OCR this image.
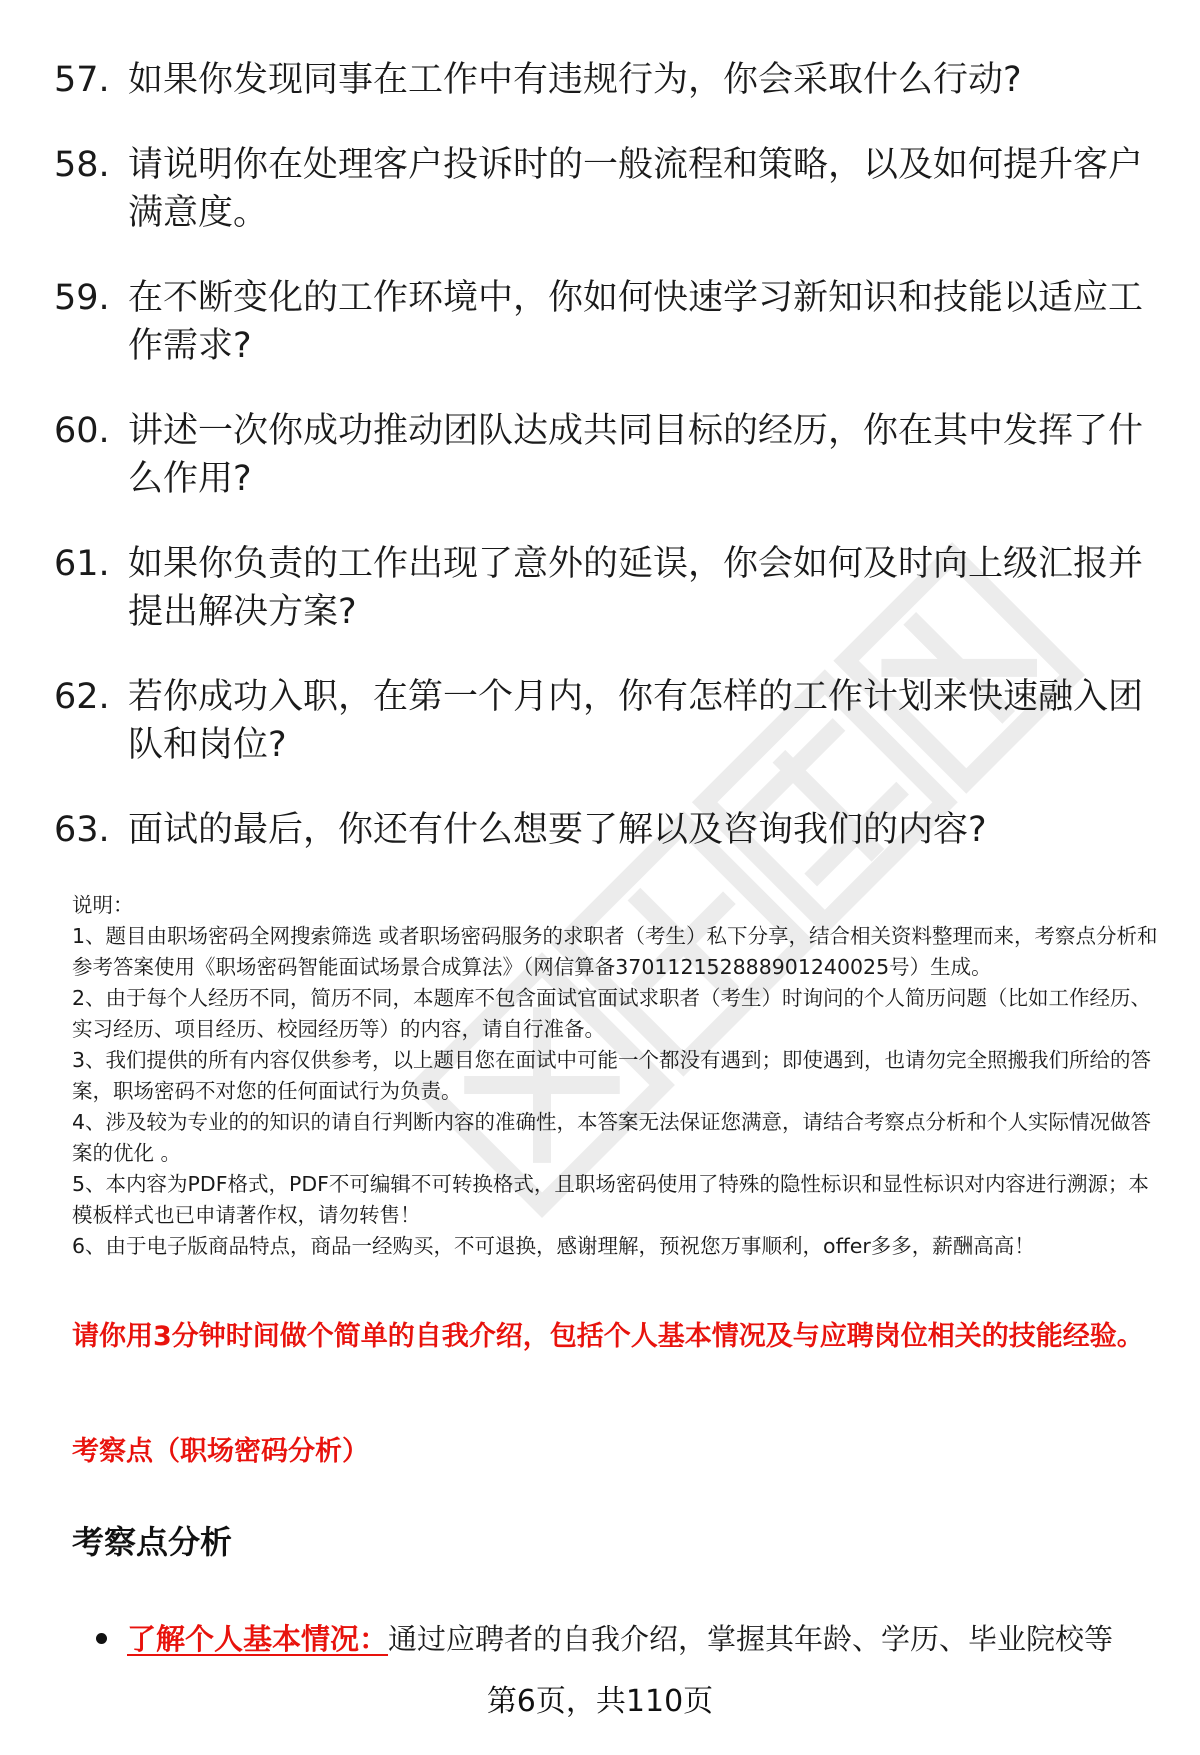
57. 如果你发现同事在工作中有违规行为，你会采取什么行动?
58. 请说明你在处理客户投诉时的一般流程和策略，以及如何提升客户满意度。
59. 在不断变化的工作环境中，你如何快速学习新知识和技能以适应工作需求?
60. 讲述一次你成功推动团队达成共同目标的经历，你在其中发挥了什么作用?
61. 如果你负责的工作出现了意外的延误，你会如何及时向上级汇报并提出解决方案?
62. 若你成功入职，在第一个月内，你有怎样的工作计划来快速融入团队和岗位?
63. 面试的最后，你还有什么想要了解以及咨询我们的内容?

说明：

1、题目由职场密码全网搜索筛选 或者职场密码服务的求职者（考生）私下分享，结合相关资料整理而来，考察点分析和参考答案使用《职场密码智能面试场景合成算法》（网信算备370112152888901240025号）生成。

2、由于每个人经历不同，简历不同，本题库不包含面试官面试求职者（考生）时询问的个人简历问题（比如工作经历、实习经历、项目经历、校园经历等）的内容，请自行准备。

3、我们提供的所有内容仅供参考，以上题目您在面试中可能一个都没有遇到；即使遇到，也请勿完全照搬我们所给的答案，职场密码不对您的任何面试行为负责。

4、涉及较为专业的的知识的请自行判断内容的准确性，本答案无法保证您满意，请结合考察点分析和个人实际情况做答案的优化 。

5、本内容为PDF格式，PDF不可编辑不可转换格式，且职场密码使用了特殊的隐性标识和显性标识对内容进行溯源；本模板样式也已申请著作权，请勿转售！

6、由于电子版商品特点，商品一经购买，不可退换，感谢理解，预祝您万事顺利，offer多多，薪酬高高！

请你用3分钟时间做个简单的自我介绍，包括个人基本情况及与应聘岗位相关的技能经验。
考察点（职场密码分析）
考察点分析
了解个人基本情况：通过应聘者的自我介绍，掌握其年龄、学历、毕业院校等
第6页，共110页
